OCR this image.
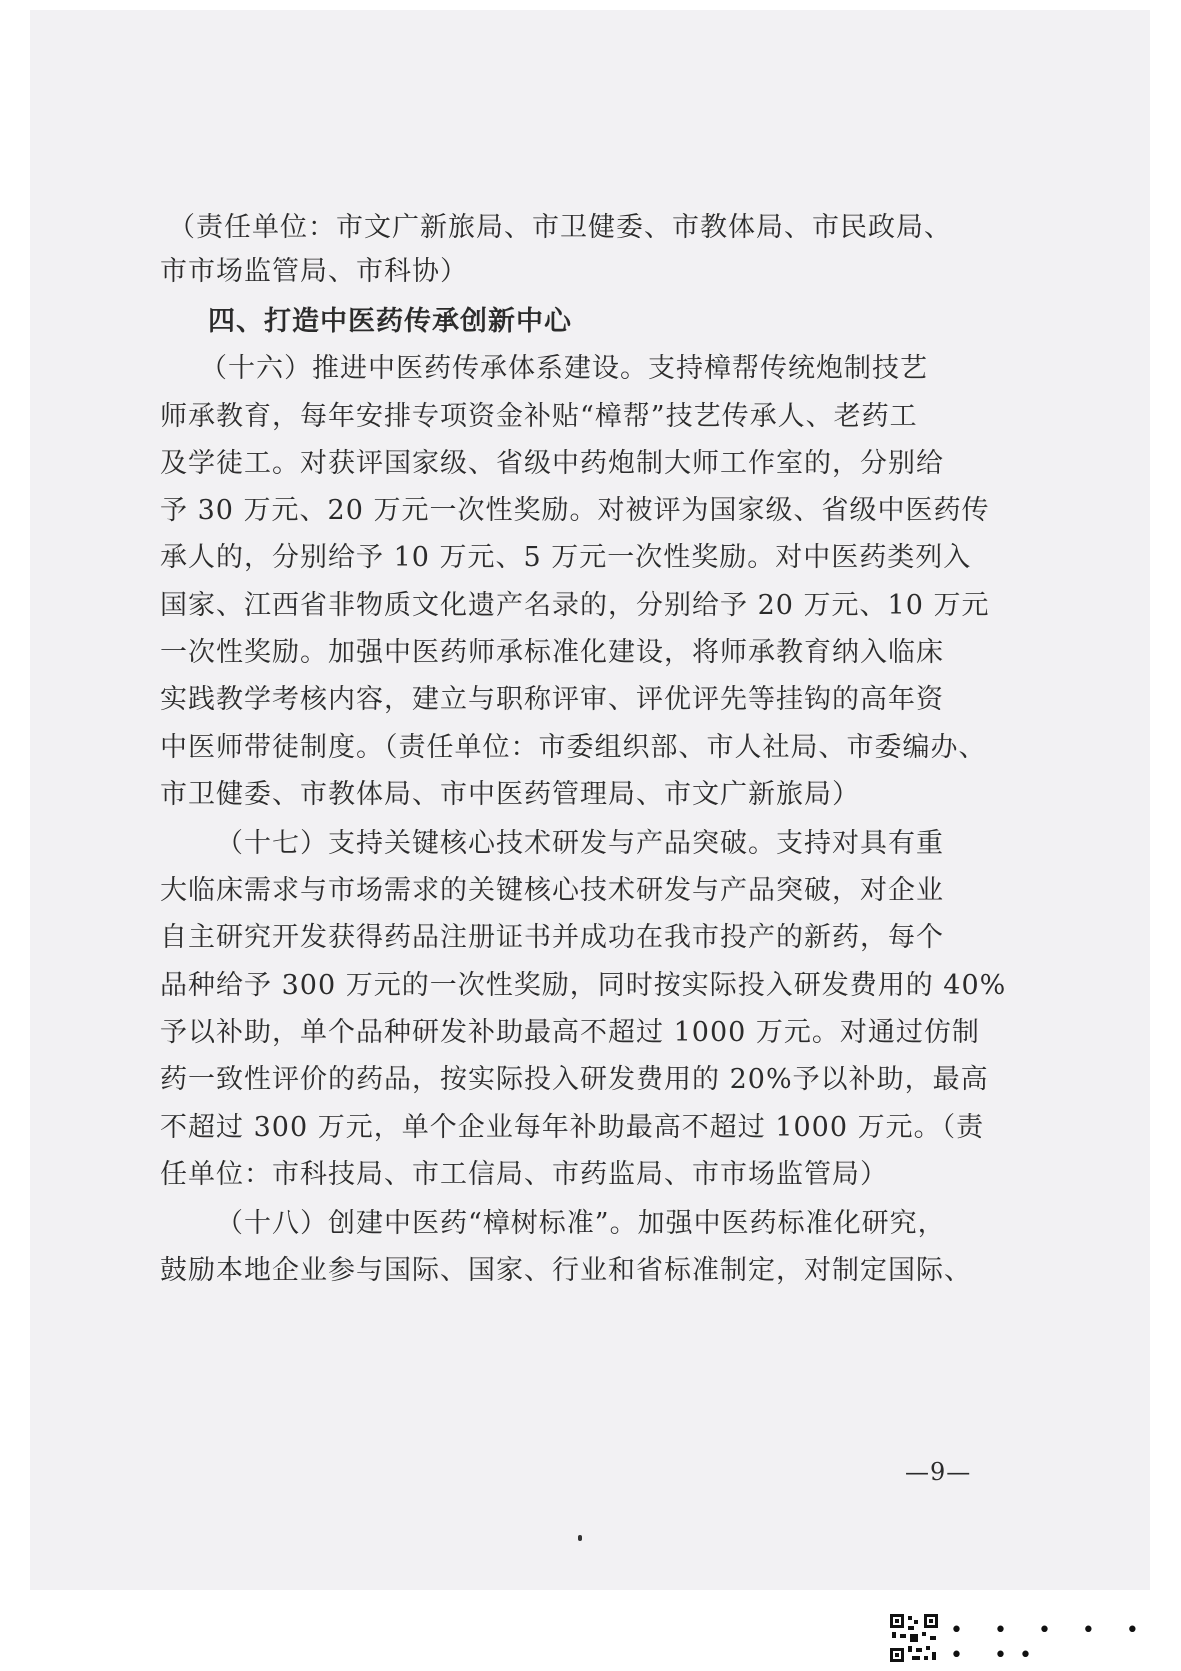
（责任单位：市文广新旅局、市卫健委、市教体局、市民政局、
市市场监管局、市科协）
四、打造中医药传承创新中心
（十六）推进中医药传承体系建设。支持樟帮传统炮制技艺
师承教育，每年安排专项资金补贴“樟帮”技艺传承人、老药工
及学徒工。对获评国家级、省级中药炮制大师工作室的，分别给
予 30 万元、20 万元一次性奖励。对被评为国家级、省级中医药传
承人的，分别给予 10 万元、5 万元一次性奖励。对中医药类列入
国家、江西省非物质文化遗产名录的，分别给予 20 万元、10 万元
一次性奖励。加强中医药师承标准化建设，将师承教育纳入临床
实践教学考核内容，建立与职称评审、评优评先等挂钩的高年资
中医师带徒制度。（责任单位：市委组织部、市人社局、市委编办、
市卫健委、市教体局、市中医药管理局、市文广新旅局）
（十七）支持关键核心技术研发与产品突破。支持对具有重
大临床需求与市场需求的关键核心技术研发与产品突破，对企业
自主研究开发获得药品注册证书并成功在我市投产的新药，每个
品种给予 300 万元的一次性奖励，同时按实际投入研发费用的 40%
予以补助，单个品种研发补助最高不超过 1000 万元。对通过仿制
药一致性评价的药品，按实际投入研发费用的 20%予以补助，最高
不超过 300 万元，单个企业每年补助最高不超过 1000 万元。（责
任单位：市科技局、市工信局、市药监局、市市场监管局）
（十八）创建中医药“樟树标准”。加强中医药标准化研究，
鼓励本地企业参与国际、国家、行业和省标准制定，对制定国际、
—9—
• • • • • • ••
